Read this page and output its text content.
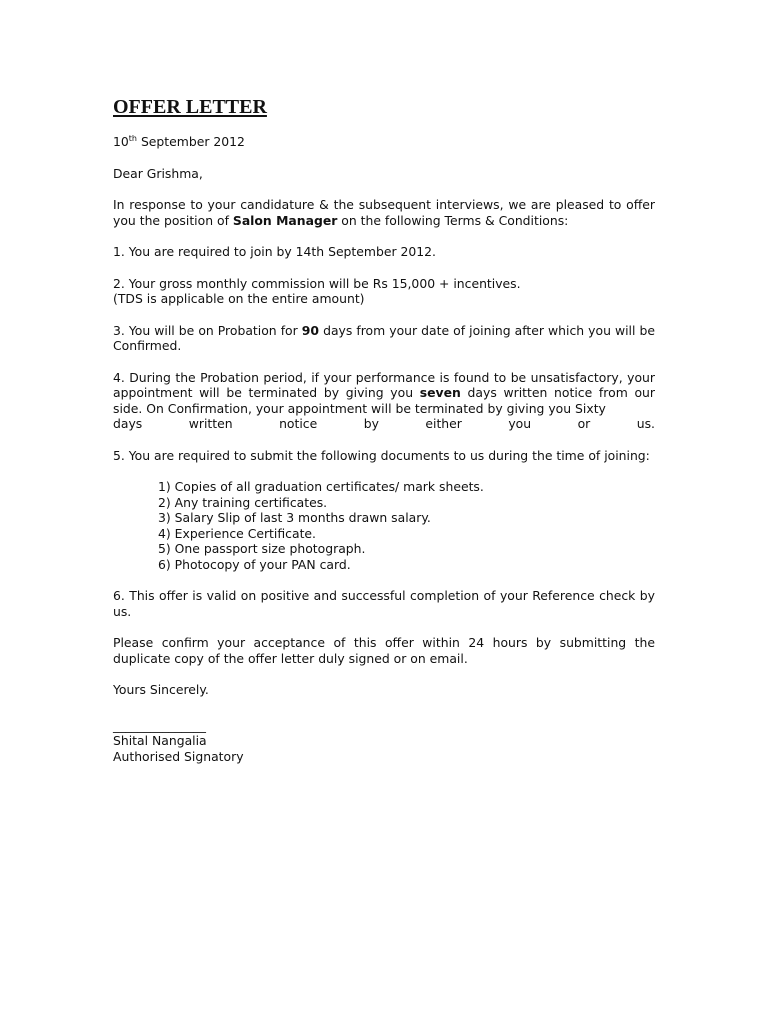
OFFER LETTER

10th September 2012

Dear Grishma,

In response to your candidature & the subsequent interviews, we are pleased to offer you the position of Salon Manager on the following Terms & Conditions:

1. You are required to join by 14th September 2012.

2. Your gross monthly commission will be Rs 15,000 + incentives.
(TDS is applicable on the entire amount)

3. You will be on Probation for 90 days from your date of joining after which you will be Confirmed.

4. During the Probation period, if your performance is found to be unsatisfactory, your appointment will be terminated by giving you seven days written notice from our side. On Confirmation, your appointment will be terminated by giving you Sixty
days written notice by either you or us.

5. You are required to submit the following documents to us during the time of joining:

1) Copies of all graduation certificates/ mark sheets.
2) Any training certificates.
3) Salary Slip of last 3 months drawn salary.
4) Experience Certificate.
5) One passport size photograph.
6) Photocopy of your PAN card.

6. This offer is valid on positive and successful completion of your Reference check by us.

Please confirm your acceptance of this offer within 24 hours by submitting the duplicate copy of the offer letter duly signed or on email.

Yours Sincerely.

_______________

Shital Nangalia

Authorised Signatory
